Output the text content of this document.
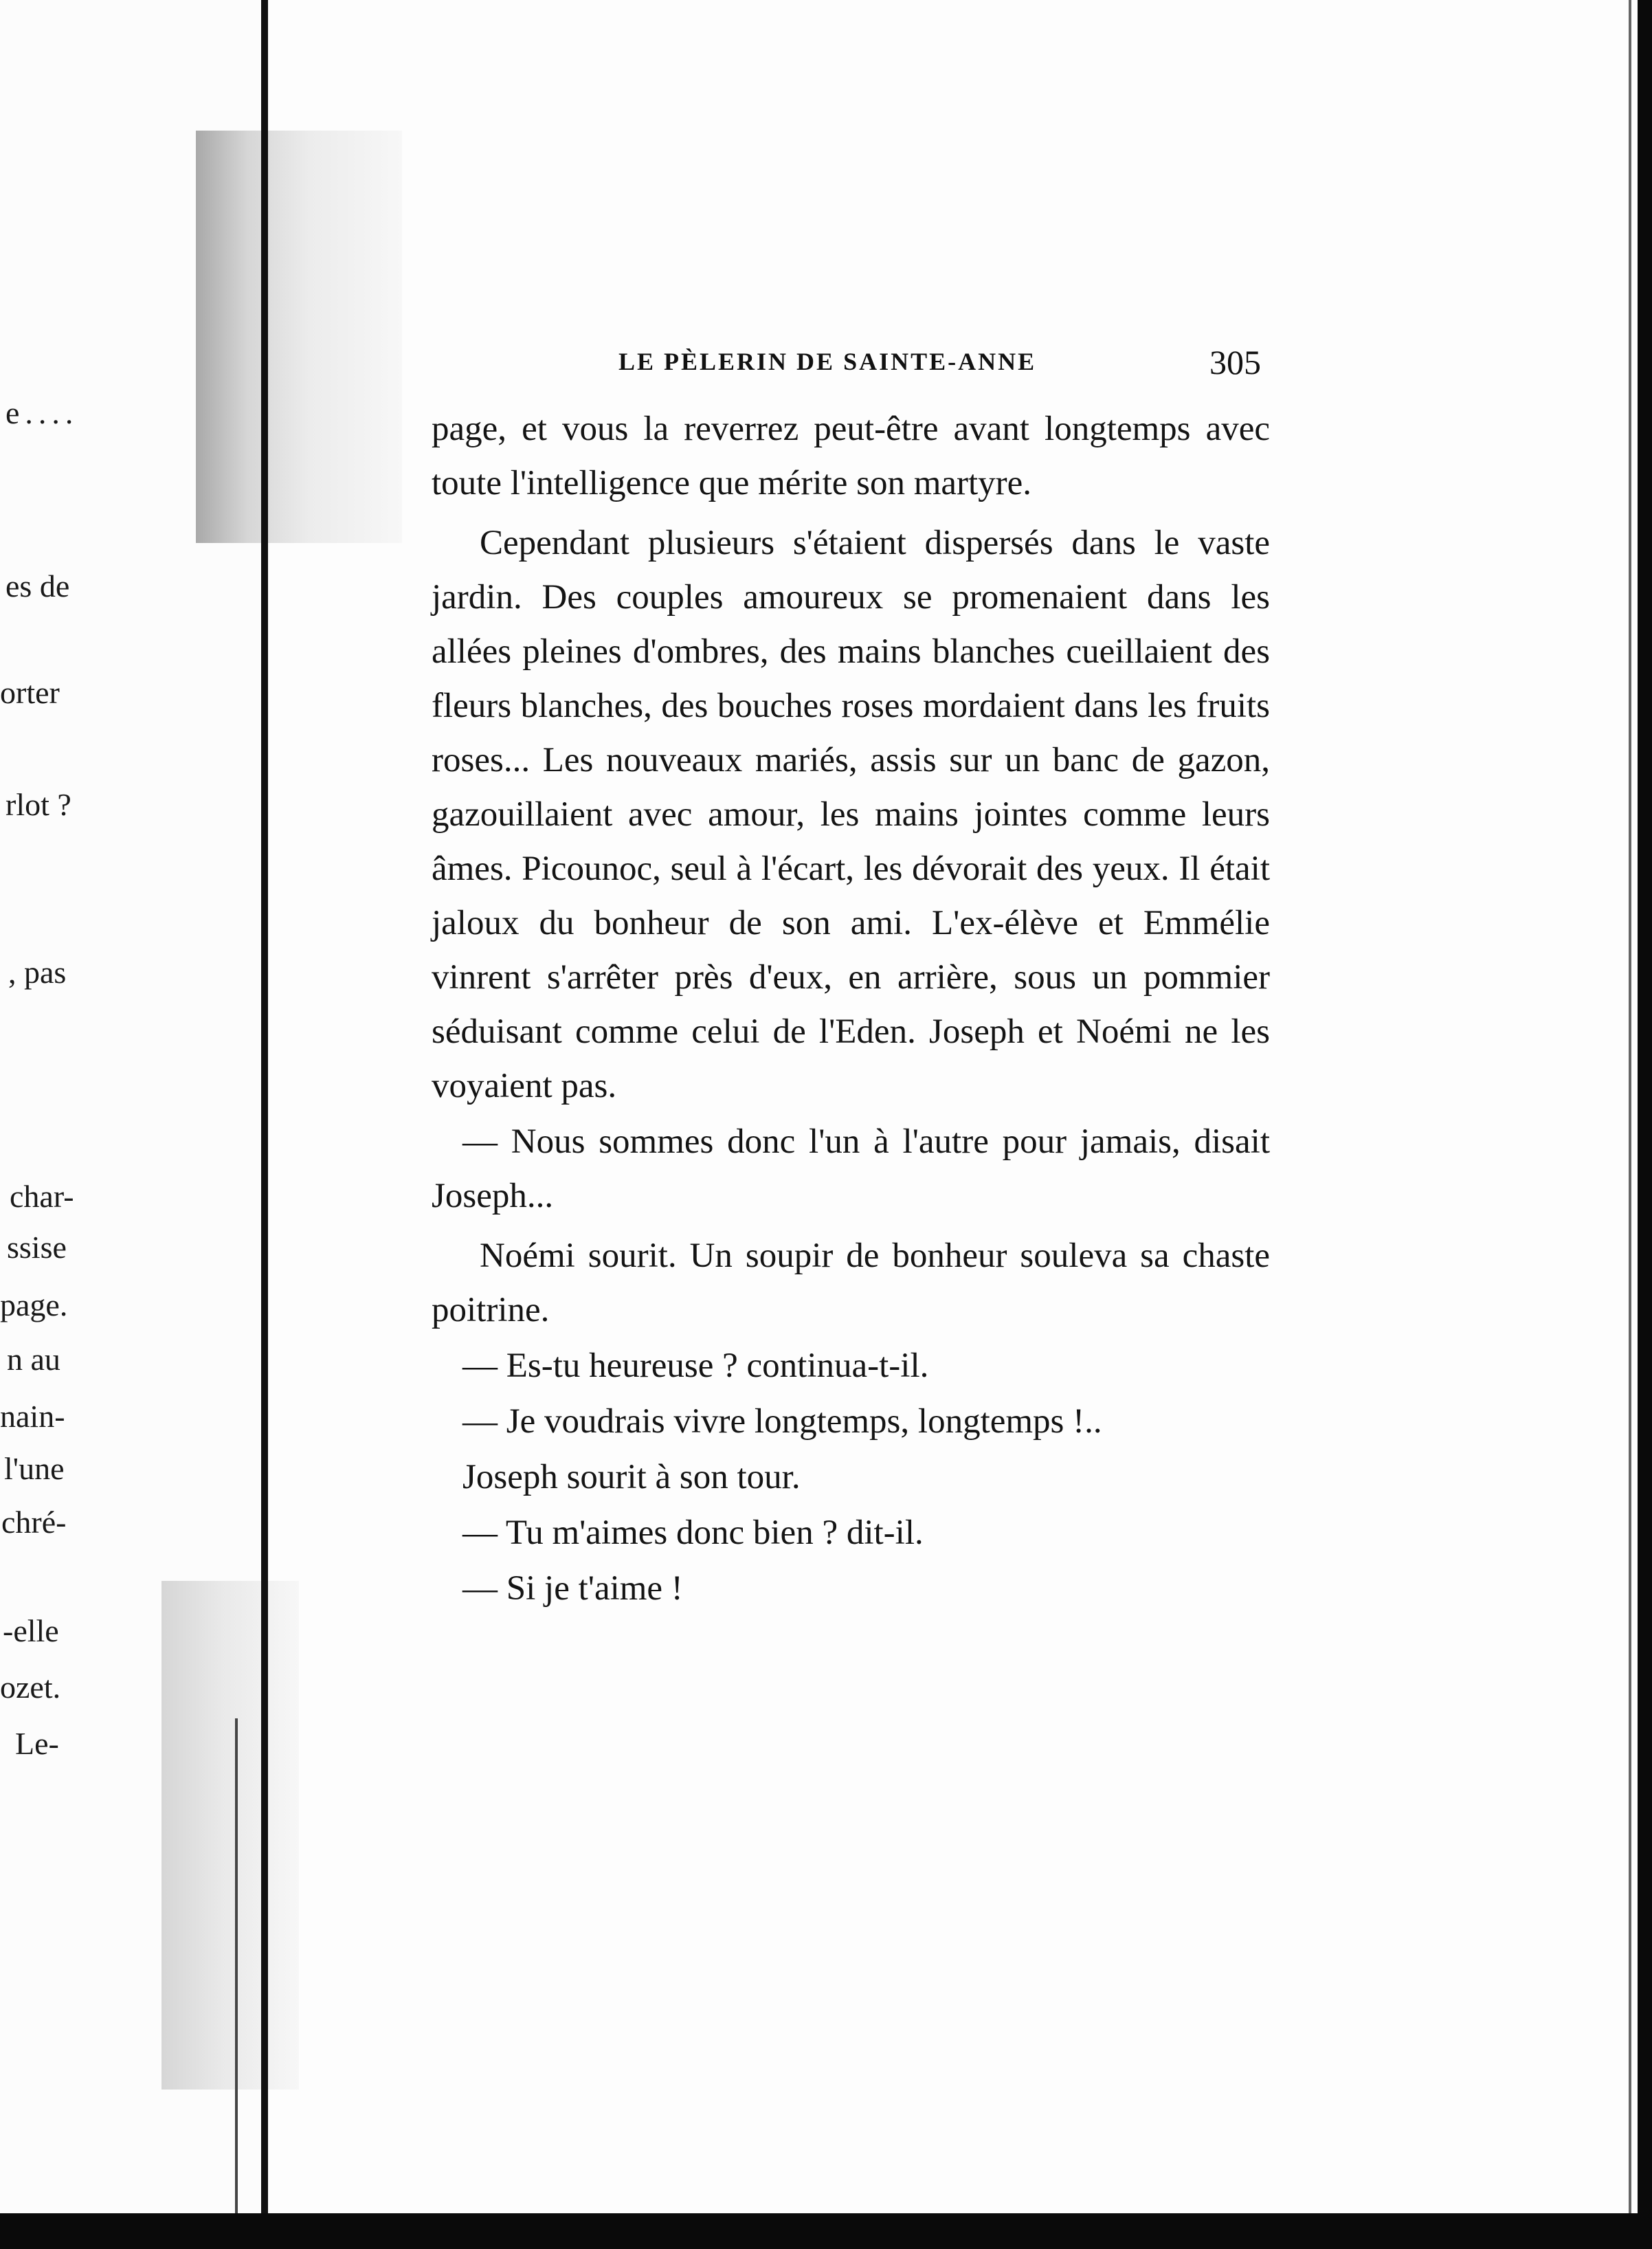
e....
es de
orter
rlot ?
, pas
char-
ssise
page.
n au
nain-
l'une
chré-
-elle
ozet.
Le-
LE PÈLERIN DE SAINTE-ANNE	305

page, et vous la reverrez peut-être avant longtemps avec toute l'intelligence que mérite son martyre.

Cependant plusieurs s'étaient dispersés dans le vaste jardin. Des couples amoureux se promenaient dans les allées pleines d'ombres, des mains blanches cueillaient des fleurs blanches, des bouches roses mordaient dans les fruits roses... Les nouveaux mariés, assis sur un banc de gazon, gazouillaient avec amour, les mains jointes comme leurs âmes. Picounoc, seul à l'écart, les dévorait des yeux. Il était jaloux du bonheur de son ami. L'ex-élève et Emmélie vinrent s'arrêter près d'eux, en arrière, sous un pommier séduisant comme celui de l'Eden. Joseph et Noémi ne les voyaient pas.

— Nous sommes donc l'un à l'autre pour jamais, disait Joseph...

Noémi sourit. Un soupir de bonheur souleva sa chaste poitrine.

— Es-tu heureuse ? continua-t-il.

— Je voudrais vivre longtemps, longtemps !..

Joseph sourit à son tour.

— Tu m'aimes donc bien ? dit-il.

— Si je t'aime !
